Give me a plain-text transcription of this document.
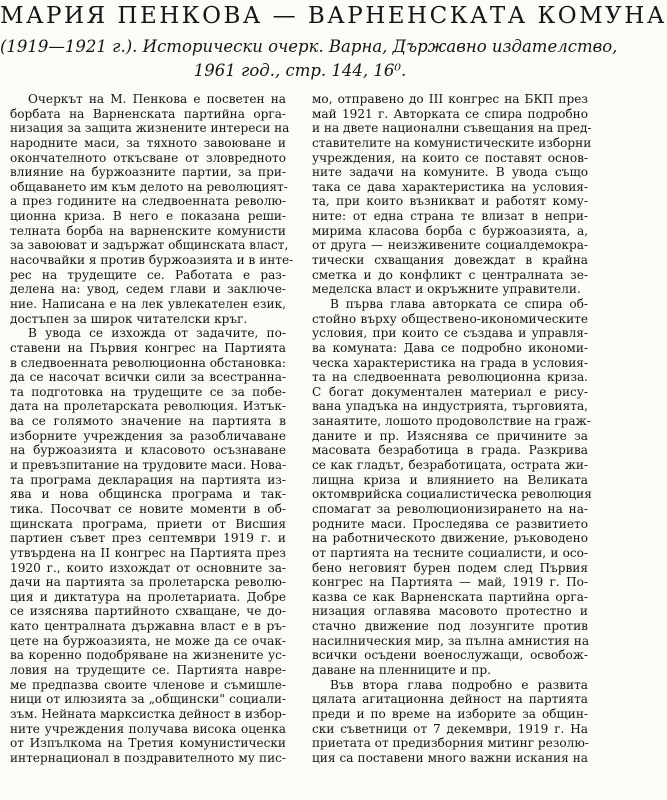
МАРИЯ ПЕНКОВА — ВАРНЕНСКАТА КОМУНА

(1919—1921 г.). Исторически очерк. Варна, Държавно издателство,

1961 год., стр. 144, 16⁰.

Очеркът на М. Пенкова е посветен на
борбата на Варненската партийна орга-
низация за защита жизнените интереси на
народните маси, за тяхното завоюване и
окончателното откъсване от зловредното
влияние на буржоазните партии, за при-
общаването им към делото на революцият-
а през годините на следвоенната револю-
ционна криза. В него е показана реши-
телната борба на варненските комунисти
за завоюват и задържат общинската власт,
насочвайки я против буржоазията и в инте-
рес на трудещите се. Работата е раз-
делена на: увод, седем глави и заключе-
ние. Написана е на лек увлекателен език,
достъпен за широк читателски кръг.
В увода се изхожда от задачите, по-
ставени на Първия конгрес на Партията
в следвоенната революционна обстановка:
да се насочат всички сили за всестранна-
та подготовка на трудещите се за побе-
дата на пролетарската революция. Изтък-
ва се голямото значение на партията в
изборните учреждения за разобличаване
на буржоазията и класовото осъзнаване
и превъзпитание на трудовите маси. Нова-
та програма декларация на партията из-
ява и нова общинска програма и так-
тика. Посочват се новите моменти в об-
щинската програма, приети от Висшия
партиен съвет през септември 1919 г. и
утвърдена на II конгрес на Партията през
1920 г., които изхождат от основните за-
дачи на партията за пролетарска револю-
ция и диктатура на пролетариата. Добре
се изяснява партийното схващане, че до-
като централната държавна власт е в ръ-
цете на буржоазията, не може да се очак-
ва коренно подобряване на жизнените ус-
ловия на трудещите се. Партията навре-
ме предпазва своите членове и съмишле-
ници от илюзията за „общински" социали-
зъм. Нейната марксистка дейност в избор-
ните учреждения получава висока оценка
от Изпълкома на Третия комунистически
интернационал в поздравителното му пис-
мо, отправено до III конгрес на БКП през
май 1921 г. Авторката се спира подробно
и на двете национални съвещания на пред-
ставителите на комунистическите изборни
учреждения, на които се поставят основ-
ните задачи на комуните. В увода също
така се дава характеристика на условия-
та, при които възникват и работят кому-
ните: от една страна те влизат в непри-
мирима класова борба с буржоазията, а,
от друга — неизживените социалдемокра-
тически схващания довеждат в крайна
сметка и до конфликт с централната зе-
меделска власт и окръжните управители.
В първа глава авторката се спира об-
стойно върху обществено-икономическите
условия, при които се създава и управля-
ва комуната: Дава се подробно икономи-
ческа характеристика на града в условия-
та на следвоенната революционна криза.
С богат документален материал е рису-
вана упадъка на индустрията, търговията,
занаятите, лошото продоволствие на граж-
даните и пр. Изяснява се причините за
масовата безработица в града. Разкрива
се как гладът, безработицата, острата жи-
лищна криза и влиянието на Великата
октомврийска социалистическа революция
спомагат за революционизирането на на-
родните маси. Проследява се развитието
на работническото движение, ръководено
от партията на тесните социалисти, и осо-
бено неговият бурен подем след Първия
конгрес на Партията — май, 1919 г. По-
казва се как Варненската партийна орга-
низация оглавява масовото протестно и
стачно движение под лозунгите против
насилническия мир, за пълна амнистия на
всички осъдени военослужащи, освобож-
даване на пленниците и пр.
Във втора глава подробно е развита
цялата агитационна дейност на партията
преди и по време на изборите за общин-
ски съветници от 7 декември, 1919 г. На
приетата от предизборния митинг резолю-
ция са поставени много важни искания на
